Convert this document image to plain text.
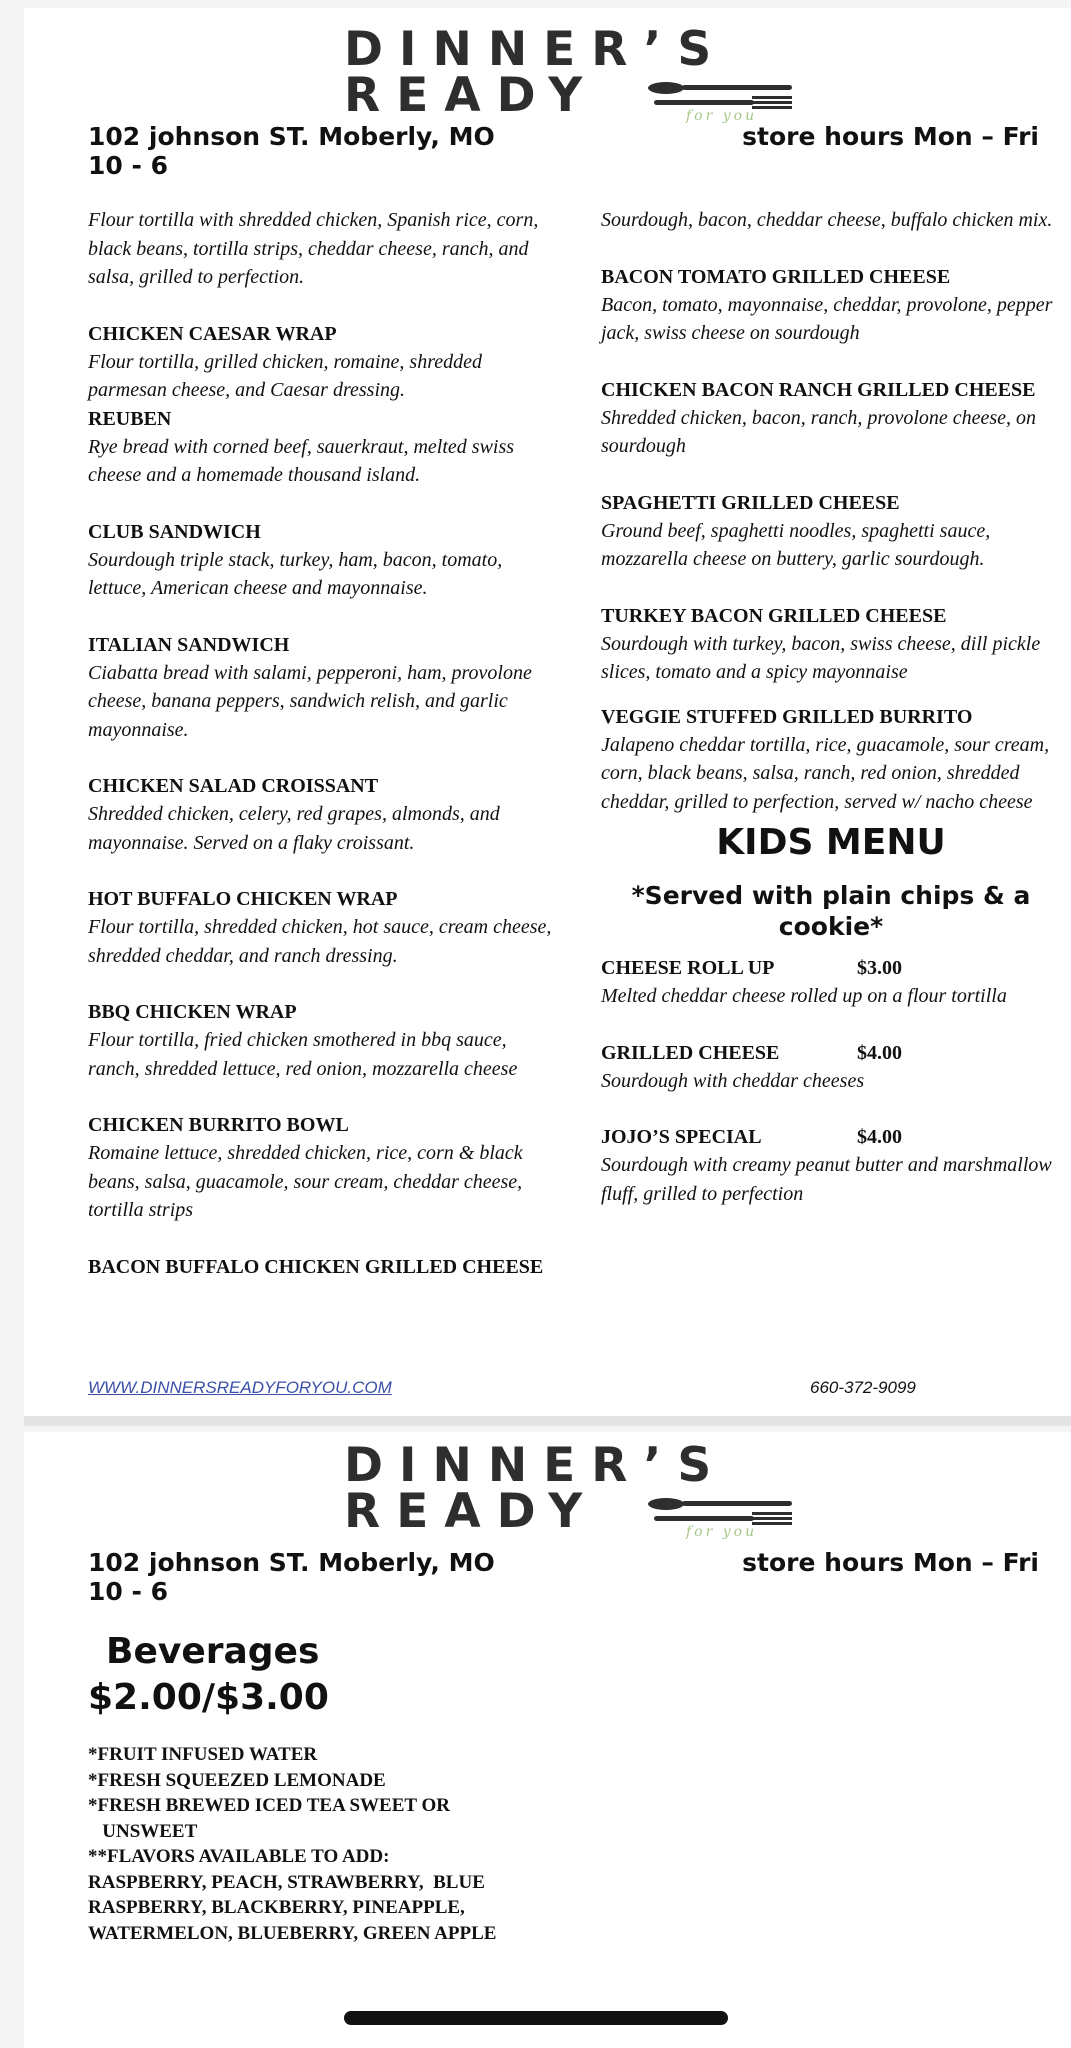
DINNER’S
READY	for you
102 johnson ST. Moberly, MO 10 - 6
store hours Mon – Fri
Flour tortilla with shredded chicken, Spanish rice, corn, black beans, tortilla strips, cheddar cheese, ranch, and salsa, grilled to perfection.
CHICKEN CAESAR WRAP
Flour tortilla, grilled chicken, romaine, shredded parmesan cheese, and Caesar dressing.
REUBEN
Rye bread with corned beef, sauerkraut, melted swiss cheese and a homemade thousand island.
CLUB SANDWICH
Sourdough triple stack, turkey, ham, bacon, tomato, lettuce, American cheese and mayonnaise.
ITALIAN SANDWICH
Ciabatta bread with salami, pepperoni, ham, provolone cheese, banana peppers, sandwich relish, and garlic mayonnaise.
CHICKEN SALAD CROISSANT
Shredded chicken, celery, red grapes, almonds, and mayonnaise. Served on a flaky croissant.
HOT BUFFALO CHICKEN WRAP
Flour tortilla, shredded chicken, hot sauce, cream cheese, shredded cheddar, and ranch dressing.
BBQ CHICKEN WRAP
Flour tortilla, fried chicken smothered in bbq sauce, ranch, shredded lettuce, red onion, mozzarella cheese
CHICKEN BURRITO BOWL
Romaine lettuce, shredded chicken, rice, corn & black beans, salsa, guacamole, sour cream, cheddar cheese, tortilla strips
BACON BUFFALO CHICKEN GRILLED CHEESE
Sourdough, bacon, cheddar cheese, buffalo chicken mix.
BACON TOMATO GRILLED CHEESE
Bacon, tomato, mayonnaise, cheddar, provolone, pepper jack, swiss cheese on sourdough
CHICKEN BACON RANCH GRILLED CHEESE
Shredded chicken, bacon, ranch, provolone cheese, on sourdough
SPAGHETTI GRILLED CHEESE
Ground beef, spaghetti noodles, spaghetti sauce, mozzarella cheese on buttery, garlic sourdough.
TURKEY BACON GRILLED CHEESE
Sourdough with turkey, bacon, swiss cheese, dill pickle slices, tomato and a spicy mayonnaise
VEGGIE STUFFED GRILLED BURRITO
Jalapeno cheddar tortilla, rice, guacamole, sour cream, corn, black beans, salsa, ranch, red onion, shredded cheddar, grilled to perfection, served w/ nacho cheese
KIDS MENU
*Served with plain chips & a cookie*
CHEESE ROLL UP	$3.00
Melted cheddar cheese rolled up on a flour tortilla
GRILLED CHEESE	$4.00
Sourdough with cheddar cheeses
JOJO’S SPECIAL	$4.00
Sourdough with creamy peanut butter and marshmallow fluff, grilled to perfection
WWW.DINNERSREADYFORYOU.COM	660-372-9099
DINNER’S
READY	for you
102 johnson ST. Moberly, MO 10 - 6
store hours Mon – Fri
Beverages
$2.00/$3.00
*FRUIT INFUSED WATER
*FRESH SQUEEZED LEMONADE
*FRESH BREWED ICED TEA SWEET OR
UNSWEET
**FLAVORS AVAILABLE TO ADD:
RASPBERRY, PEACH, STRAWBERRY,  BLUE
RASPBERRY, BLACKBERRY, PINEAPPLE,
WATERMELON, BLUEBERRY, GREEN APPLE
